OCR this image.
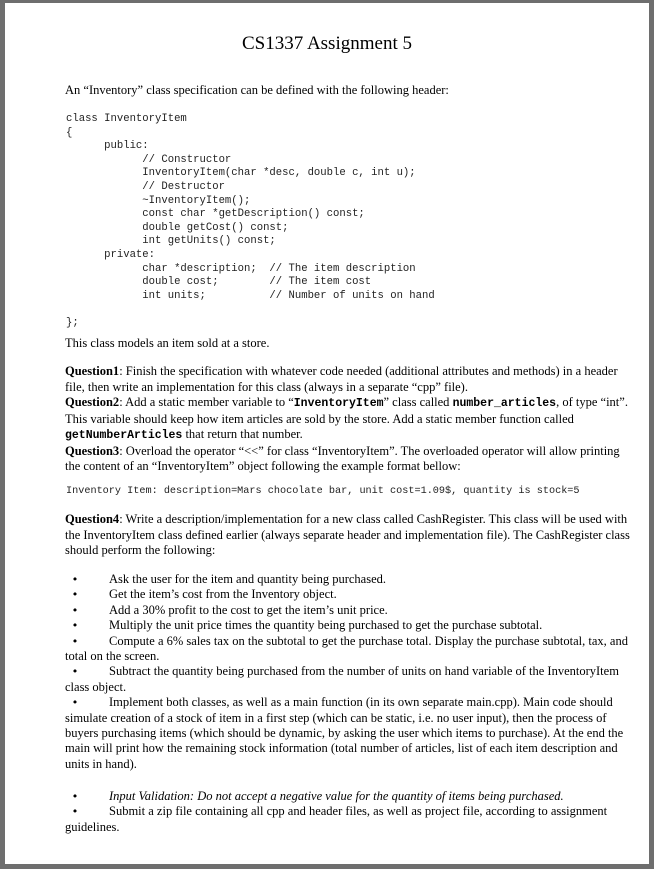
CS1337 Assignment 5
An “Inventory” class specification can be defined with the following header:
class InventoryItem
{
public:
// Constructor
InventoryItem(char *desc, double c, int u);
// Destructor
~InventoryItem();
const char *getDescription() const;
double getCost() const;
int getUnits() const;
private:
char *description;  // The item description
double cost;        // The item cost
int units;          // Number of units on hand
};
This class models an item sold at a store.

Question1: Finish the specification with whatever code needed (additional attributes and methods) in a header file, then write an implementation for this class (always in a separate “cpp” file).

Question2: Add a static member variable to “InventoryItem” class called number_articles, of type “int”. This variable should keep how item articles are sold by the store. Add a static member function called getNumberArticles that return that number.

Question3: Overload the operator “<<” for class “InventoryItem”. The overloaded operator will allow printing the content of an “InventoryItem” object following the example format bellow:

Inventory Item: description=Mars chocolate bar, unit cost=1.09$, quantity is stock=5
Question4: Write a description/implementation for a new class called CashRegister. This class will be used with the InventoryItem class defined earlier (always separate header and implementation file). The CashRegister class should perform the following:

•	Ask the user for the item and quantity being purchased.

•	Get the item’s cost from the Inventory object.

•	Add a 30% profit to the cost to get the item’s unit price.

•	Multiply the unit price times the quantity being purchased to get the purchase subtotal.

•	Compute a 6% sales tax on the subtotal to get the purchase total. Display the purchase subtotal, tax, and total on the screen.

•	Subtract the quantity being purchased from the number of units on hand variable of the InventoryItem class object.

•	Implement both classes, as well as a main function (in its own separate main.cpp). Main code should simulate creation of a stock of item in a first step (which can be static, i.e. no user input), then the process of buyers purchasing items (which should be dynamic, by asking the user which items to purchase). At the end the main will print how the remaining stock information (total number of articles, list of each item description and units in hand).

•	Input Validation: Do not accept a negative value for the quantity of items being purchased.

•	Submit a zip file containing all cpp and header files, as well as project file, according to assignment guidelines.
